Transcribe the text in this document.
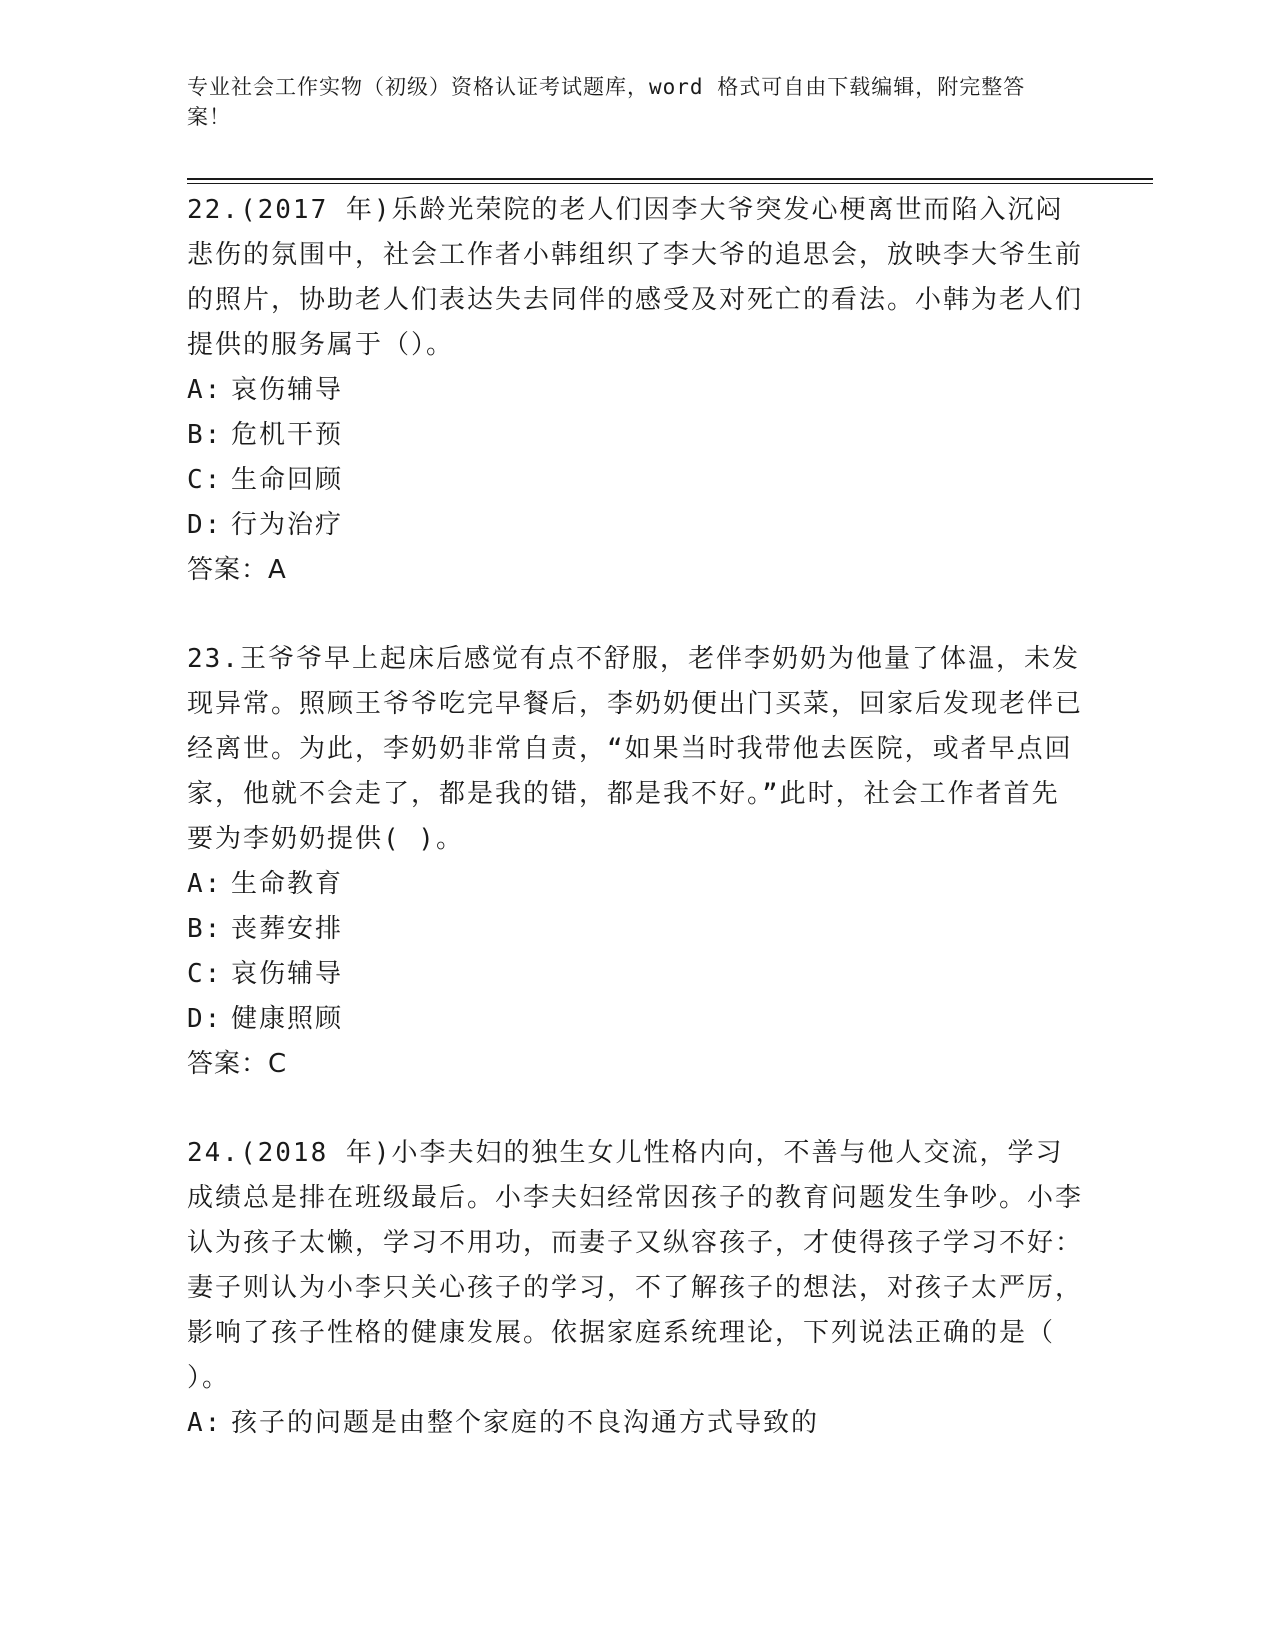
专业社会工作实物（初级）资格认证考试题库，word 格式可自由下载编辑，附完整答案！

22.(2017 年)乐龄光荣院的老人们因李大爷突发心梗离世而陷入沉闷悲伤的氛围中，社会工作者小韩组织了李大爷的追思会，放映李大爷生前的照片，协助老人们表达失去同伴的感受及对死亡的看法。小韩为老人们提供的服务属于（）。

A: 哀伤辅导

B: 危机干预

C: 生命回顾

D: 行为治疗

答案：A

23.王爷爷早上起床后感觉有点不舒服，老伴李奶奶为他量了体温，未发现异常。照顾王爷爷吃完早餐后，李奶奶便出门买菜，回家后发现老伴已经离世。为此，李奶奶非常自责，“如果当时我带他去医院，或者早点回家，他就不会走了，都是我的错，都是我不好。”此时，社会工作者首先要为李奶奶提供( )。

A: 生命教育

B: 丧葬安排

C: 哀伤辅导

D: 健康照顾

答案：C

24.(2018 年)小李夫妇的独生女儿性格内向，不善与他人交流，学习成绩总是排在班级最后。小李夫妇经常因孩子的教育问题发生争吵。小李认为孩子太懒，学习不用功，而妻子又纵容孩子，才使得孩子学习不好：妻子则认为小李只关心孩子的学习，不了解孩子的想法，对孩子太严厉，影响了孩子性格的健康发展。依据家庭系统理论，下列说法正确的是（ ）。

A: 孩子的问题是由整个家庭的不良沟通方式导致的
